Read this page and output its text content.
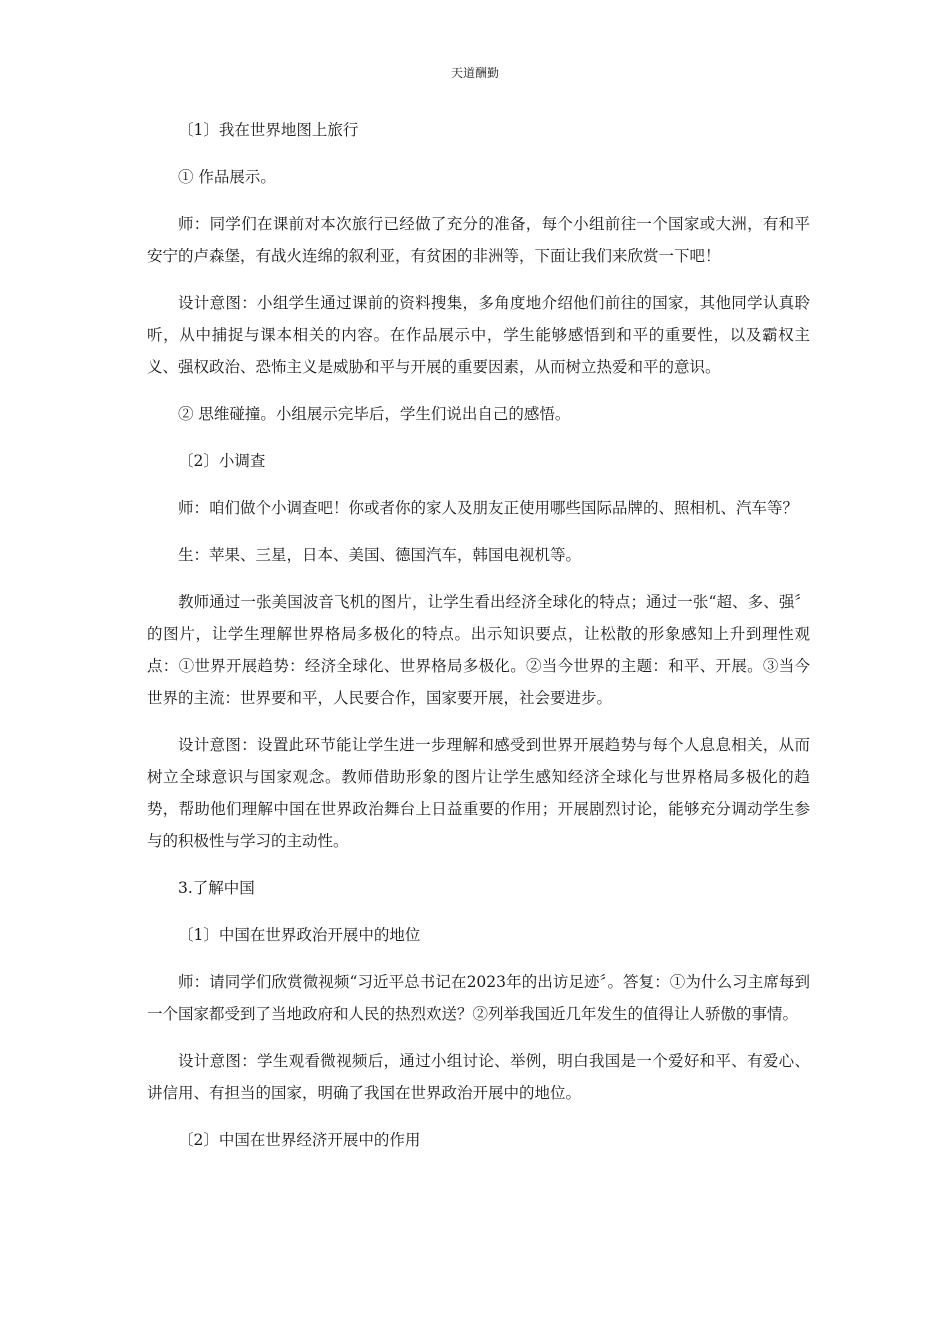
天道酬勤

〔1〕我在世界地图上旅行

① 作品展示。

师：同学们在课前对本次旅行已经做了充分的准备，每个小组前往一个国家或大洲，有和平安宁的卢森堡，有战火连绵的叙利亚，有贫困的非洲等，下面让我们来欣赏一下吧！

设计意图：小组学生通过课前的资料搜集，多角度地介绍他们前往的国家，其他同学认真聆听，从中捕捉与课本相关的内容。在作品展示中，学生能够感悟到和平的重要性，以及霸权主义、强权政治、恐怖主义是威胁和平与开展的重要因素，从而树立热爱和平的意识。

② 思维碰撞。小组展示完毕后，学生们说出自己的感悟。

〔2〕小调查

师：咱们做个小调查吧！你或者你的家人及朋友正使用哪些国际品牌的、照相机、汽车等？

生：苹果、三星，日本、美国、德国汽车，韩国电视机等。

教师通过一张美国波音飞机的图片，让学生看出经济全球化的特点；通过一张“超、多、强〞的图片，让学生理解世界格局多极化的特点。出示知识要点，让松散的形象感知上升到理性观点：①世界开展趋势：经济全球化、世界格局多极化。②当今世界的主题：和平、开展。③当今世界的主流：世界要和平，人民要合作，国家要开展，社会要进步。

设计意图：设置此环节能让学生进一步理解和感受到世界开展趋势与每个人息息相关，从而树立全球意识与国家观念。教师借助形象的图片让学生感知经济全球化与世界格局多极化的趋势，帮助他们理解中国在世界政治舞台上日益重要的作用；开展剧烈讨论，能够充分调动学生参与的积极性与学习的主动性。

3.了解中国

〔1〕中国在世界政治开展中的地位

师：请同学们欣赏微视频“习近平总书记在2023年的出访足迹〞。答复：①为什么习主席每到一个国家都受到了当地政府和人民的热烈欢送？②列举我国近几年发生的值得让人骄傲的事情。

设计意图：学生观看微视频后，通过小组讨论、举例，明白我国是一个爱好和平、有爱心、讲信用、有担当的国家，明确了我国在世界政治开展中的地位。

〔2〕中国在世界经济开展中的作用
